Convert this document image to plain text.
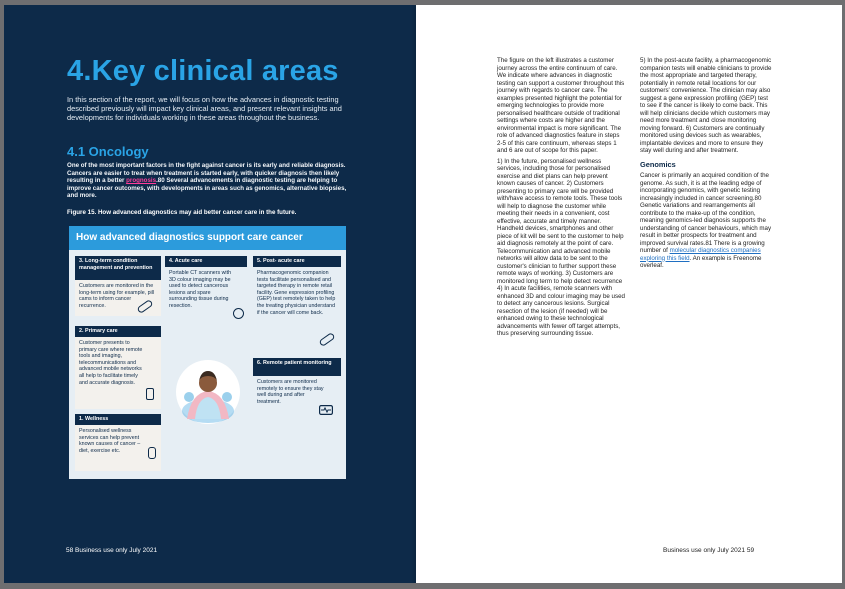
4.Key clinical areas
In this section of the report, we will focus on how the advances in diagnostic testing described previously will impact key clinical areas, and present relevant insights and developments for individuals working in these areas throughout the business.
4.1 Oncology
One of the most important factors in the fight against cancer is its early and reliable diagnosis. Cancers are easier to treat when treatment is started early, with quicker diagnosis then likely resulting in a better prognosis.80 Several advancements in diagnostic testing are helping to improve cancer outcomes, with developments in areas such as genomics, alternative biopsies, and more.
Figure 15. How advanced diagnostics may aid better cancer care in the future.
How advanced diagnostics support care cancer
3. Long-term condition management and prevention
Customers are monitored in the long-term using for example, pill cams to inform cancer recurrence.
2. Primary care
Customer presents to primary care where remote tools and imaging, telecommunications and advanced mobile networks all help to facilitate timely and accurate diagnosis.
1. Wellness
Personalised wellness services can help prevent known causes of cancer – diet, exercise etc.
4. Acute care
Portable CT scanners with 3D colour imaging may be used to detect cancerous lesions and spare surrounding tissue during resection.
5. Post- acute care
Pharmacogenomic companion tests facilitate personalised and targeted therapy in remote retail facility. Gene expression profiling (GEP) test remotely taken to help the treating physician understand if the cancer will come back.
6. Remote patient monitoring
Customers are monitored remotely to ensure they stay well during and after treatment.
58 Business use only July 2021

The figure on the left illustrates a customer journey across the entire continuum of care. We indicate where advances in diagnostic testing can support a customer throughout this journey with regards to cancer care. The examples presented highlight the potential for emerging technologies to provide more personalised healthcare outside of traditional settings where costs are higher and the environmental impact is more significant. The role of advanced diagnostics feature in steps 2-5 of this care continuum, whereas steps 1 and 6 are out of scope for this paper.

1) In the future, personalised wellness services, including those for personalised exercise and diet plans can help prevent known causes of cancer. 2) Customers presenting to primary care will be provided with/have access to remote tools. These tools will help to diagnose the customer while meeting their needs in a convenient, cost effective, accurate and timely manner. Handheld devices, smartphones and other piece of kit will be sent to the customer to help aid diagnosis remotely at the point of care. Telecommunication and advanced mobile networks will allow data to be sent to the customer's clinician to further support these remote ways of working. 3) Customers are monitored long term to help detect recurrence 4) In acute facilities, remote scanners with enhanced 3D and colour imaging may be used to detect any cancerous lesions. Surgical resection of the lesion (if needed) will be enhanced owing to these technological advancements with fewer off target attempts, thus preserving surrounding tissue.

5) In the post-acute facility, a pharmacogenomic companion tests will enable clinicians to provide the most appropriate and targeted therapy, potentially in remote retail locations for our customers' convenience. The clinician may also suggest a gene expression profiling (GEP) test to see if the cancer is likely to come back. This will help clinicians decide which customers may need more treatment and close monitoring moving forward. 6) Customers are continually monitored using devices such as wearables, implantable devices and more to ensure they stay well during and after treatment.

Genomics

Cancer is primarily an acquired condition of the genome. As such, it is at the leading edge of incorporating genomics, with genetic testing increasingly included in cancer screening.80 Genetic variations and rearrangements all contribute to the make-up of the condition, meaning genomics-led diagnosis supports the understanding of cancer behaviours, which may result in better prospects for treatment and improved survival rates.81 There is a growing number of molecular diagnostics companies exploring this field. An example is Freenome overleaf.

Business use only July 2021 59
